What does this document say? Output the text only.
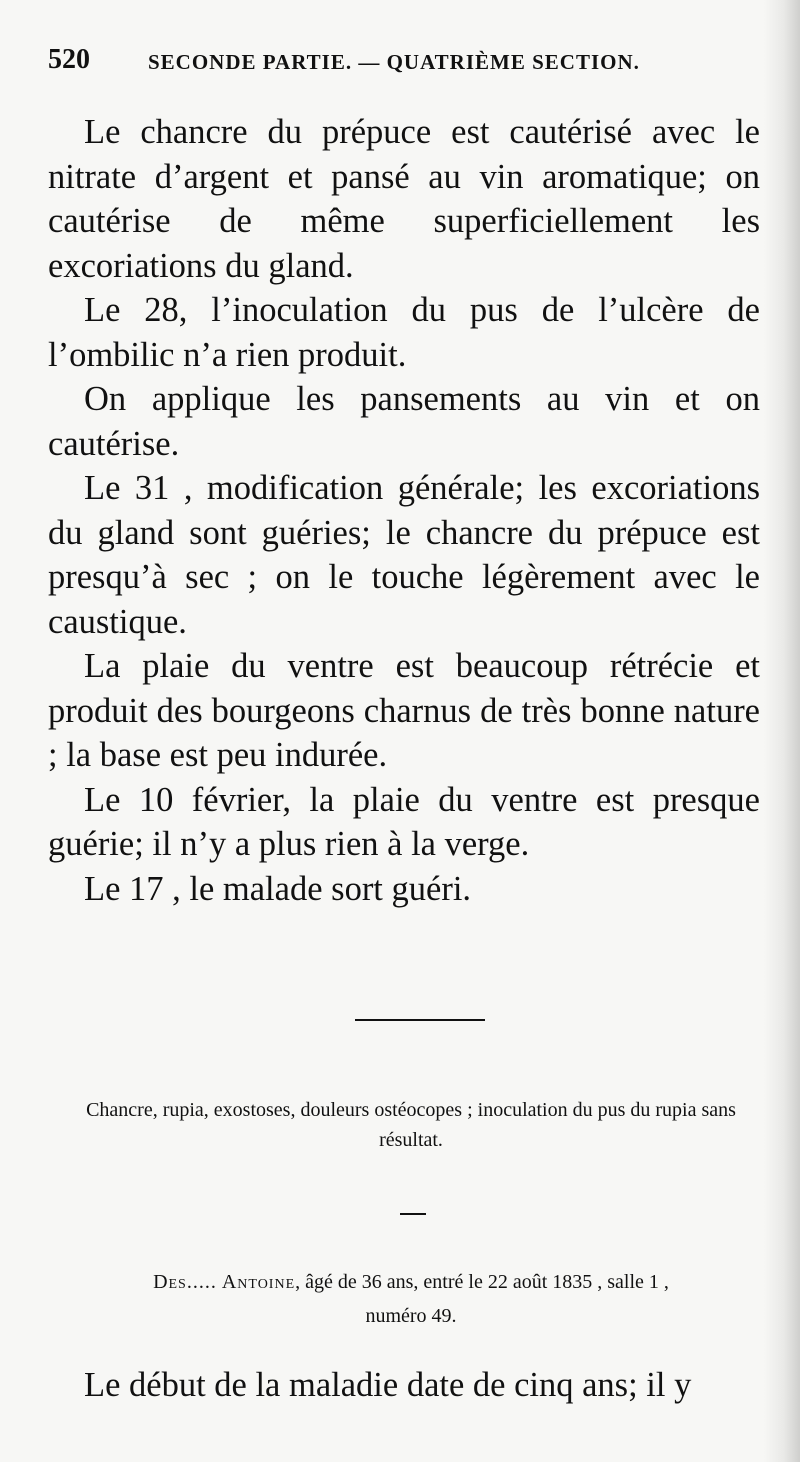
520	SECONDE PARTIE. — QUATRIÈME SECTION.

Le chancre du prépuce est cautérisé avec le nitrate d’argent et pansé au vin aromatique; on cautérise de même superficiellement les excoriations du gland.

Le 28, l’inoculation du pus de l’ulcère de l’ombilic n’a rien produit.

On applique les pansements au vin et on cautérise.

Le 31 , modification générale; les excoriations du gland sont guéries; le chancre du prépuce est presqu’à sec ; on le touche légèrement avec le caustique.

La plaie du ventre est beaucoup rétrécie et produit des bourgeons charnus de très bonne nature ; la base est peu indurée.

Le 10 février, la plaie du ventre est presque guérie; il n’y a plus rien à la verge.

Le 17 , le malade sort guéri.

Chancre, rupia, exostoses, douleurs ostéocopes ; inoculation du pus du rupia sans résultat.
Des..... Antoine, âgé de 36 ans, entré le 22 août 1835 , salle 1 ,
numéro 49.
Le début de la maladie date de cinq ans; il y
